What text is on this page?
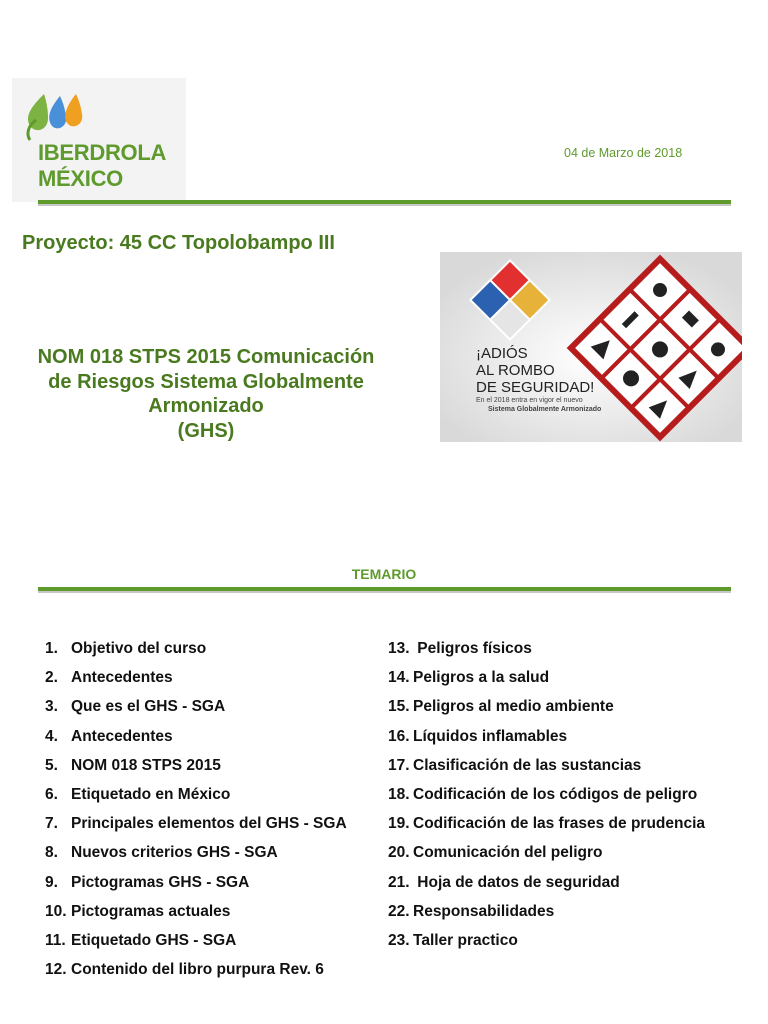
IBERDROLA
MÉXICO
04 de Marzo de 2018
Proyecto: 45 CC Topolobampo III
NOM 018 STPS 2015 Comunicación
de Riesgos Sistema Globalmente
Armonizado
(GHS)
¡ADIÓS
AL ROMBO
DE SEGURIDAD!
En el 2018 entra en vigor el nuevo
Sistema Globalmente Armonizado
TEMARIO
1. Objetivo del curso
2. Antecedentes
3. Que es el GHS - SGA
4. Antecedentes
5. NOM 018 STPS 2015
6. Etiquetado en México
7. Principales elementos del GHS - SGA
8. Nuevos criterios GHS - SGA
9. Pictogramas GHS - SGA
10. Pictogramas actuales
11. Etiquetado GHS - SGA
12. Contenido del libro purpura Rev. 6
13. Peligros físicos
14. Peligros a la salud
15. Peligros al medio ambiente
16. Líquidos inflamables
17. Clasificación de las sustancias
18. Codificación de los códigos de peligro
19. Codificación de las frases de prudencia
20. Comunicación del peligro
21. Hoja de datos de seguridad
22. Responsabilidades
23. Taller practico
